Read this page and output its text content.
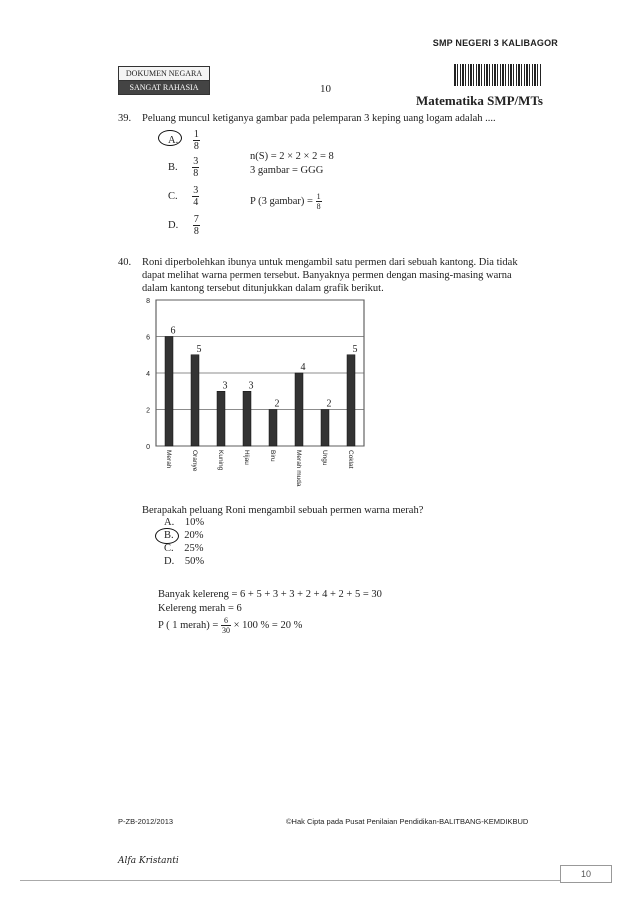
SMP NEGERI 3 KALIBAGOR
DOKUMEN NEGARA
SANGAT RAHASIA	10
Matematika SMP/MTs
39. Peluang muncul ketiganya gambar pada pelemparan 3 keping uang logam adalah ....
A. $\frac{1}{8}$
B. $\frac{3}{8}$
C. $\frac{3}{4}$
D. $\frac{7}{8}$
n(S) = 2 × 2 × 2 = 8
3 gambar = GGG
P (3 gambar) = $\frac{1}{8}$
40. Roni diperbolehkan ibunya untuk mengambil satu permen dari sebuah kantong. Dia tidak
dapat melihat warna permen tersebut. Banyaknya permen dengan masing-masing warna
dalam kantong tersebut ditunjukkan dalam grafik berikut.
0
2
4
6
8
6
Merah
5
Oranye
3
Kuning
3
Hijau
2
Biru
4
Merah muda
2
Ungu
5
Coklat
Berapakah peluang Roni mengambil sebuah permen warna merah?
A. 10%
B. 20%
C. 25%
D. 50%
Banyak kelereng = 6 + 5 + 3 + 3 + 2 + 4 + 2 + 5 = 30
Kelereng merah = 6
P ( 1 merah) = $\frac{6}{30} \times 100$ % = 20 %
P-ZB-2012/2013	©Hak Cipta pada Pusat Penilaian Pendidikan-BALITBANG-KEMDIKBUD
Alfa Kristanti
10
